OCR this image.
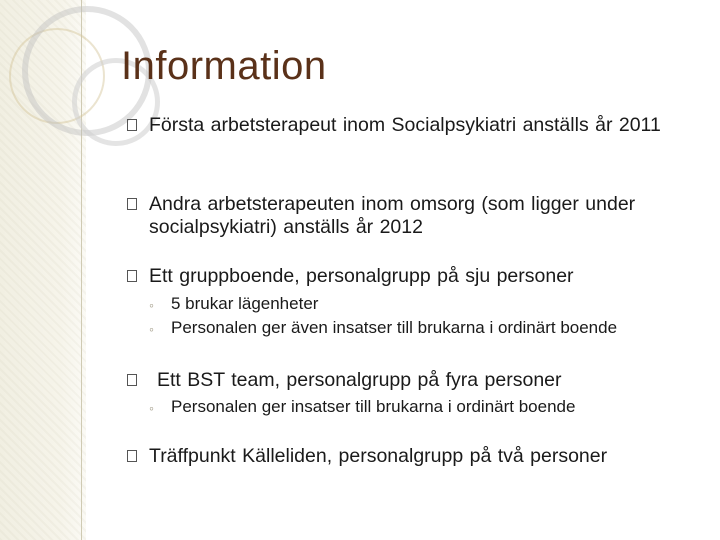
Information
Första arbetsterapeut inom Socialpsykiatri anställs år 2011
Andra arbetsterapeuten inom omsorg (som ligger under socialpsykiatri) anställs år 2012
Ett gruppboende, personalgrupp på sju personer
◦ 5 brukar lägenheter
◦ Personalen ger även insatser till brukarna i ordinärt boende
Ett BST team, personalgrupp på fyra personer
◦ Personalen ger insatser till brukarna i ordinärt boende
Träffpunkt Källeliden, personalgrupp på två personer
